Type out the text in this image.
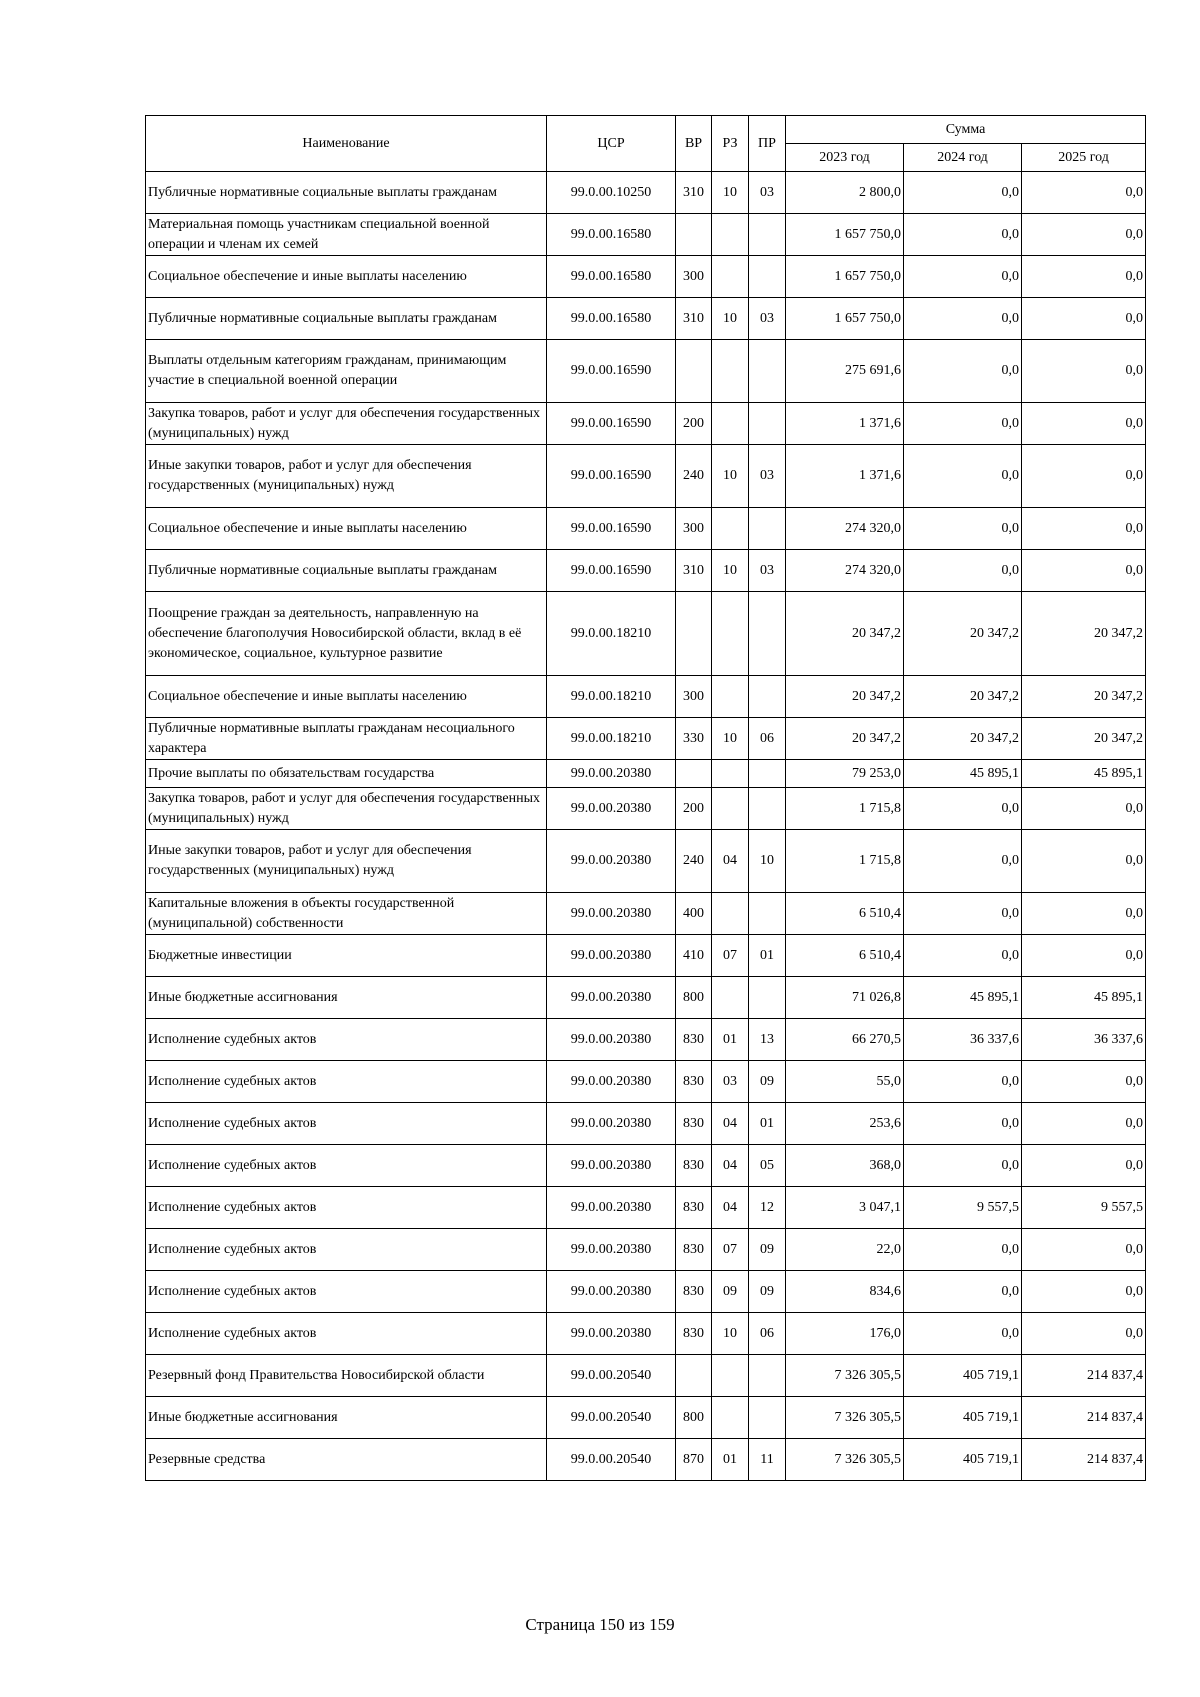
Наименование	ЦСР	ВР	РЗ	ПР	Сумма		
					2023 год	2024 год	2025 год
Публичные нормативные социальные выплаты гражданам	99.0.00.10250	310	10	03	2 800,0	0,0	0,0
Материальная помощь участникам специальной военной операции и членам их семей	99.0.00.16580				1 657 750,0	0,0	0,0
Социальное обеспечение и иные выплаты населению	99.0.00.16580	300			1 657 750,0	0,0	0,0
Публичные нормативные социальные выплаты гражданам	99.0.00.16580	310	10	03	1 657 750,0	0,0	0,0
Выплаты отдельным категориям гражданам, принимающим участие в специальной военной операции	99.0.00.16590				275 691,6	0,0	0,0
Закупка товаров, работ и услуг для обеспечения государственных (муниципальных) нужд	99.0.00.16590	200			1 371,6	0,0	0,0
Иные закупки товаров, работ и услуг для обеспечения государственных (муниципальных) нужд	99.0.00.16590	240	10	03	1 371,6	0,0	0,0
Социальное обеспечение и иные выплаты населению	99.0.00.16590	300			274 320,0	0,0	0,0
Публичные нормативные социальные выплаты гражданам	99.0.00.16590	310	10	03	274 320,0	0,0	0,0
Поощрение граждан за деятельность, направленную на обеспечение благополучия Новосибирской области, вклад в её экономическое, социальное, культурное развитие	99.0.00.18210				20 347,2	20 347,2	20 347,2
Социальное обеспечение и иные выплаты населению	99.0.00.18210	300			20 347,2	20 347,2	20 347,2
Публичные нормативные выплаты гражданам несоциального характера	99.0.00.18210	330	10	06	20 347,2	20 347,2	20 347,2
Прочие выплаты по обязательствам государства	99.0.00.20380				79 253,0	45 895,1	45 895,1
Закупка товаров, работ и услуг для обеспечения государственных (муниципальных) нужд	99.0.00.20380	200			1 715,8	0,0	0,0
Иные закупки товаров, работ и услуг для обеспечения государственных (муниципальных) нужд	99.0.00.20380	240	04	10	1 715,8	0,0	0,0
Капитальные вложения в объекты государственной (муниципальной) собственности	99.0.00.20380	400			6 510,4	0,0	0,0
Бюджетные инвестиции	99.0.00.20380	410	07	01	6 510,4	0,0	0,0
Иные бюджетные ассигнования	99.0.00.20380	800			71 026,8	45 895,1	45 895,1
Исполнение судебных актов	99.0.00.20380	830	01	13	66 270,5	36 337,6	36 337,6
Исполнение судебных актов	99.0.00.20380	830	03	09	55,0	0,0	0,0
Исполнение судебных актов	99.0.00.20380	830	04	01	253,6	0,0	0,0
Исполнение судебных актов	99.0.00.20380	830	04	05	368,0	0,0	0,0
Исполнение судебных актов	99.0.00.20380	830	04	12	3 047,1	9 557,5	9 557,5
Исполнение судебных актов	99.0.00.20380	830	07	09	22,0	0,0	0,0
Исполнение судебных актов	99.0.00.20380	830	09	09	834,6	0,0	0,0
Исполнение судебных актов	99.0.00.20380	830	10	06	176,0	0,0	0,0
Резервный фонд Правительства Новосибирской области	99.0.00.20540				7 326 305,5	405 719,1	214 837,4
Иные бюджетные ассигнования	99.0.00.20540	800			7 326 305,5	405 719,1	214 837,4
Резервные средства	99.0.00.20540	870	01	11	7 326 305,5	405 719,1	214 837,4
Страница 150 из 159
